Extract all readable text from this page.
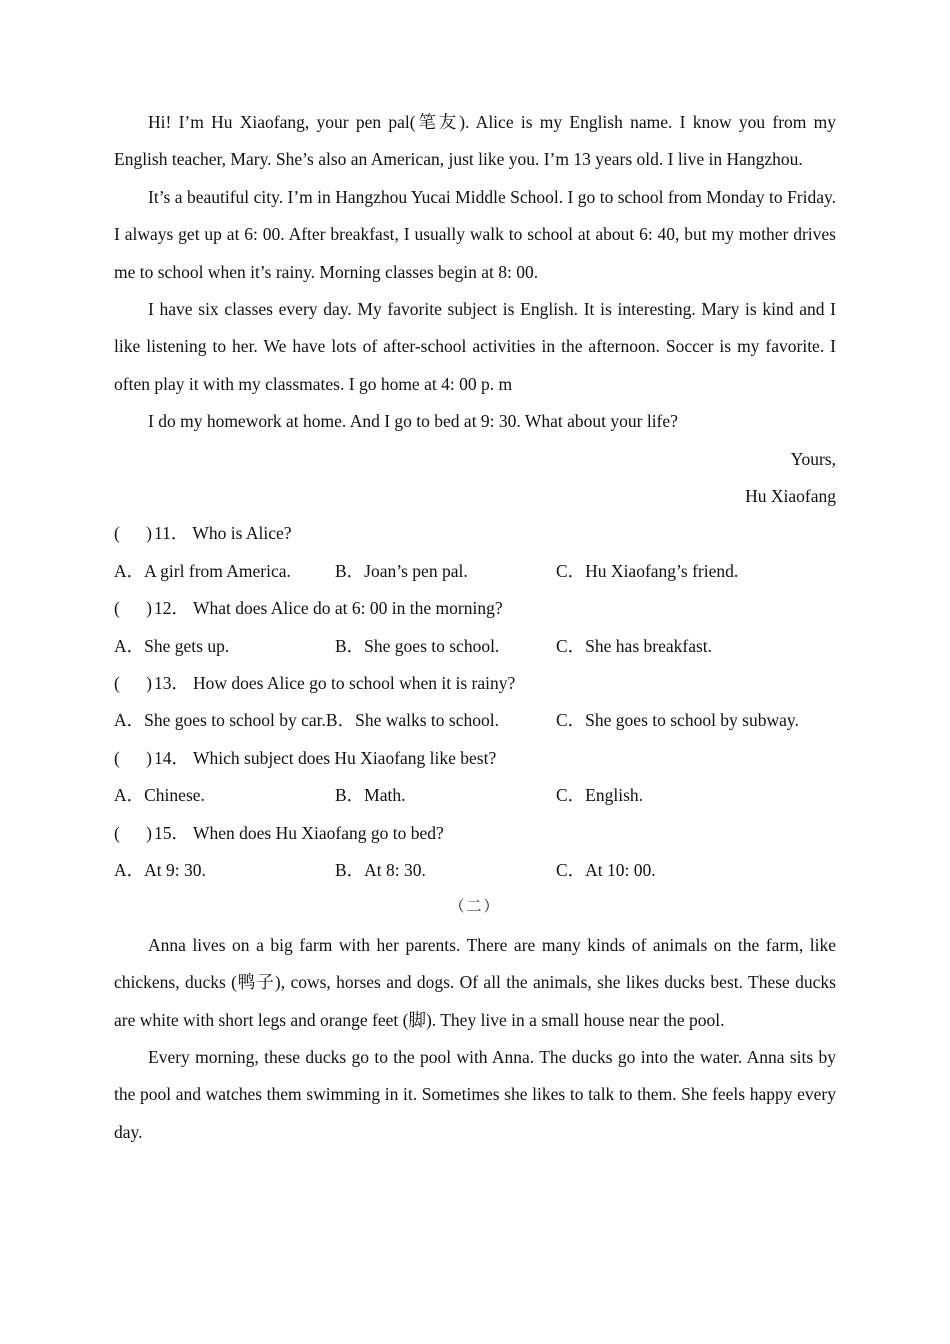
Hi! I’m Hu Xiaofang, your pen pal(笔友). Alice is my English name. I know you from my English teacher, Mary. She’s also an American, just like you. I’m 13 years old. I live in Hangzhou.

It’s a beautiful city. I’m in Hangzhou Yucai Middle School. I go to school from Monday to Friday. I always get up at 6: 00. After breakfast, I usually walk to school at about 6: 40, but my mother drives me to school when it’s rainy. Morning classes begin at 8: 00.

I have six classes every day. My favorite subject is English. It is interesting. Mary is kind and I like listening to her. We have lots of after-school activities in the afternoon. Soccer is my favorite. I often play it with my classmates. I go home at 4: 00 p. m

I do my homework at home. And I go to bed at 9: 30. What about your life?

Yours,

Hu Xiaofang

( ) 11． Who is Alice?
A．A girl from America.	B．Joan’s pen pal.	C．Hu Xiaofang’s friend.
( ) 12． What does Alice do at 6: 00 in the morning?
A．She gets up.	B．She goes to school.	C．She has breakfast.
( ) 13． How does Alice go to school when it is rainy?
A．She goes to school by car.B．She walks to school.	C．She goes to school by subway.
( ) 14． Which subject does Hu Xiaofang like best?
A．Chinese.	B．Math.	C．English.
( ) 15． When does Hu Xiaofang go to bed?
A．At 9: 30.	B．At 8: 30.	C．At 10: 00.

（二）

Anna lives on a big farm with her parents. There are many kinds of animals on the farm, like chickens, ducks (鸭子), cows, horses and dogs. Of all the animals, she likes ducks best. These ducks are white with short legs and orange feet (脚). They live in a small house near the pool.

Every morning, these ducks go to the pool with Anna. The ducks go into the water. Anna sits by the pool and watches them swimming in it. Sometimes she likes to talk to them. She feels happy every day.
